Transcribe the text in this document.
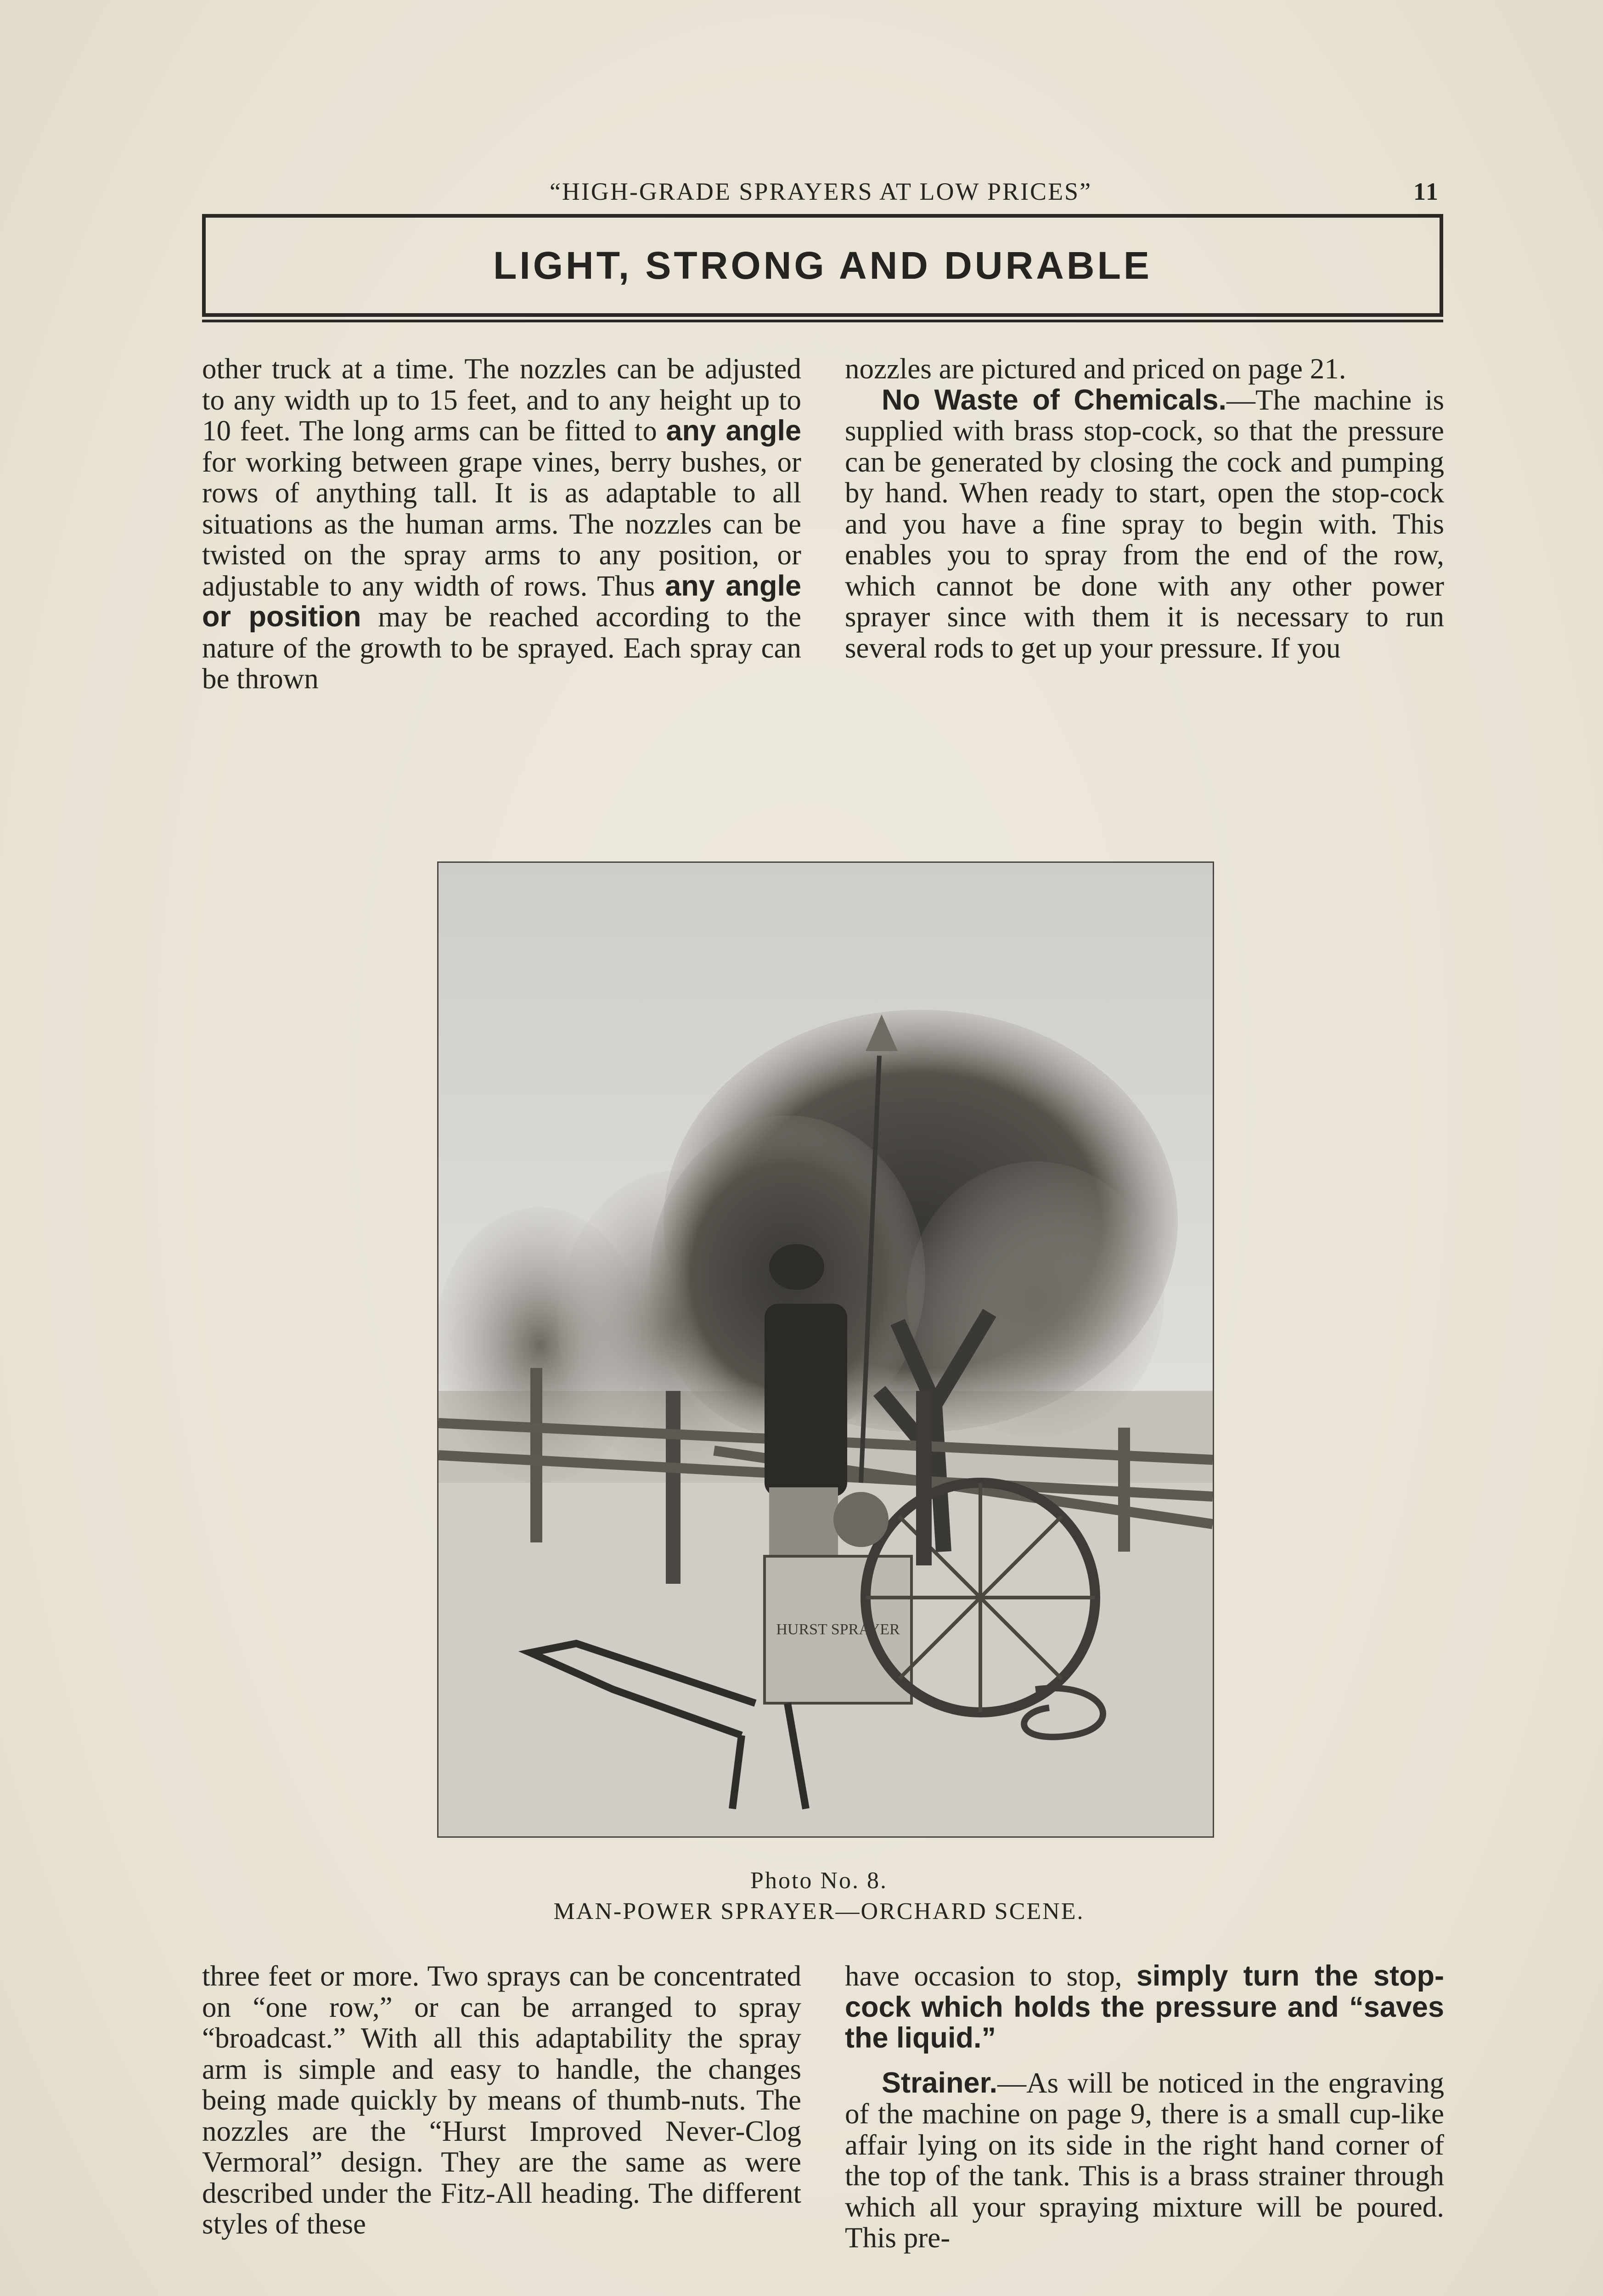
“HIGH-GRADE SPRAYERS AT LOW PRICES”	11
LIGHT, STRONG AND DURABLE

other truck at a time. The nozzles can be adjusted to any width up to 15 feet, and to any height up to 10 feet. The long arms can be fitted to any angle for working between grape vines, berry bushes, or rows of anything tall. It is as adaptable to all situations as the human arms. The nozzles can be twisted on the spray arms to any position, or adjustable to any width of rows. Thus any angle or position may be reached according to the nature of the growth to be sprayed. Each spray can be thrown

nozzles are pictured and priced on page 21.

No Waste of Chemicals.—The machine is supplied with brass stop-cock, so that the pressure can be generated by closing the cock and pumping by hand. When ready to start, open the stop-cock and you have a fine spray to begin with. This enables you to spray from the end of the row, which cannot be done with any other power sprayer since with them it is necessary to run several rods to get up your pressure. If you

HURST SPRAYER
Photo No. 8.
MAN-POWER SPRAYER—ORCHARD SCENE.

three feet or more. Two sprays can be concentrated on “one row,” or can be arranged to spray “broadcast.” With all this adaptability the spray arm is simple and easy to handle, the changes being made quickly by means of thumb-nuts. The nozzles are the “Hurst Improved Never-Clog Vermoral” design. They are the same as were described under the Fitz-All heading. The different styles of these

have occasion to stop, simply turn the stop-cock which holds the pressure and “saves the liquid.”

Strainer.—As will be noticed in the engraving of the machine on page 9, there is a small cup-like affair lying on its side in the right hand corner of the top of the tank. This is a brass strainer through which all your spraying mixture will be poured. This pre-
